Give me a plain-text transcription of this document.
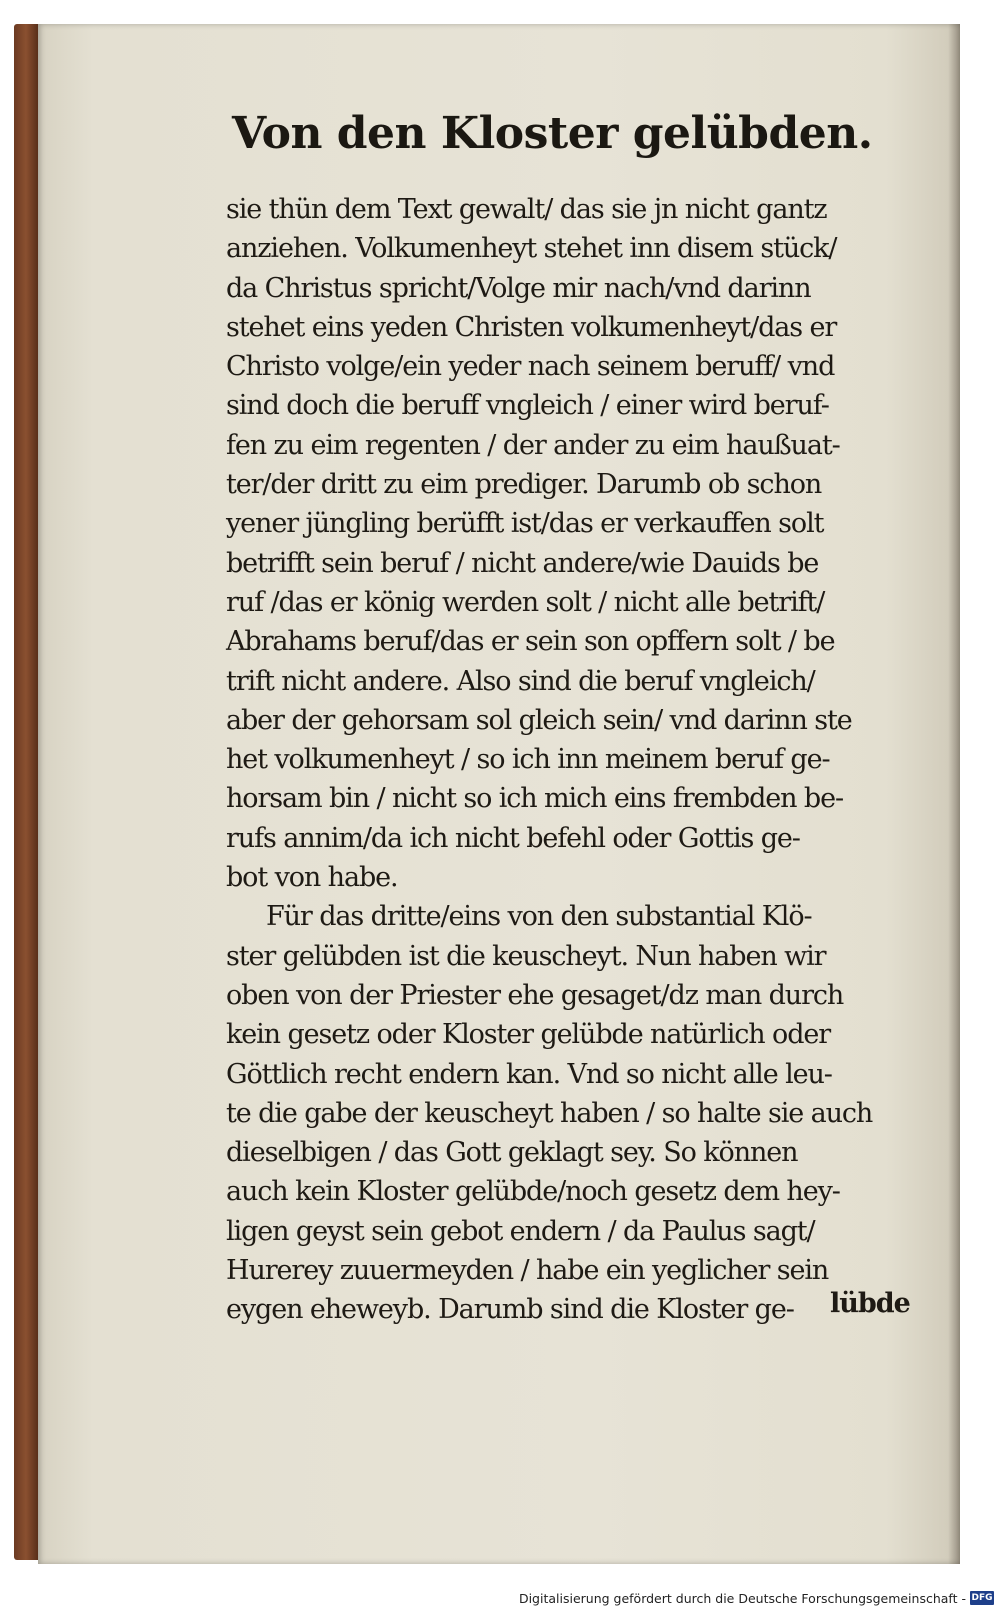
Von den Kloster gelübden.
sie thün dem Text gewalt/ das sie jn nicht gantz
anziehen. Volkumenheyt stehet inn disem stück/
da Christus spricht/Volge mir nach/vnd darinn
stehet eins yeden Christen volkumenheyt/das er
Christo volge/ein yeder nach seinem beruff/ vnd
sind doch die beruff vngleich / einer wird beruf-
fen zu eim regenten / der ander zu eim haußuat-
ter/der dritt zu eim prediger. Darumb ob schon
yener jüngling berüfft ist/das er verkauffen solt
betrifft sein beruf / nicht andere/wie Dauids be
ruf /das er könig werden solt / nicht alle betrift/
Abrahams beruf/das er sein son opffern solt / be
trift nicht andere. Also sind die beruf vngleich/
aber der gehorsam sol gleich sein/ vnd darinn ste
het volkumenheyt / so ich inn meinem beruf ge-
horsam bin / nicht so ich mich eins frembden be-
rufs annim/da ich nicht befehl oder Gottis ge-
bot von habe.
Für das dritte/eins von den substantial Klö-
ster gelübden ist die keuscheyt. Nun haben wir
oben von der Priester ehe gesaget/dz man durch
kein gesetz oder Kloster gelübde natürlich oder
Göttlich recht endern kan. Vnd so nicht alle leu-
te die gabe der keuscheyt haben / so halte sie auch
dieselbigen / das Gott geklagt sey. So können
auch kein Kloster gelübde/noch gesetz dem hey-
ligen geyst sein gebot endern / da Paulus sagt/
Hurerey zuuermeyden / habe ein yeglicher sein
eygen eheweyb. Darumb sind die Kloster ge-	lübde
Digitalisierung gefördert durch die Deutsche Forschungsgemeinschaft - DFG
